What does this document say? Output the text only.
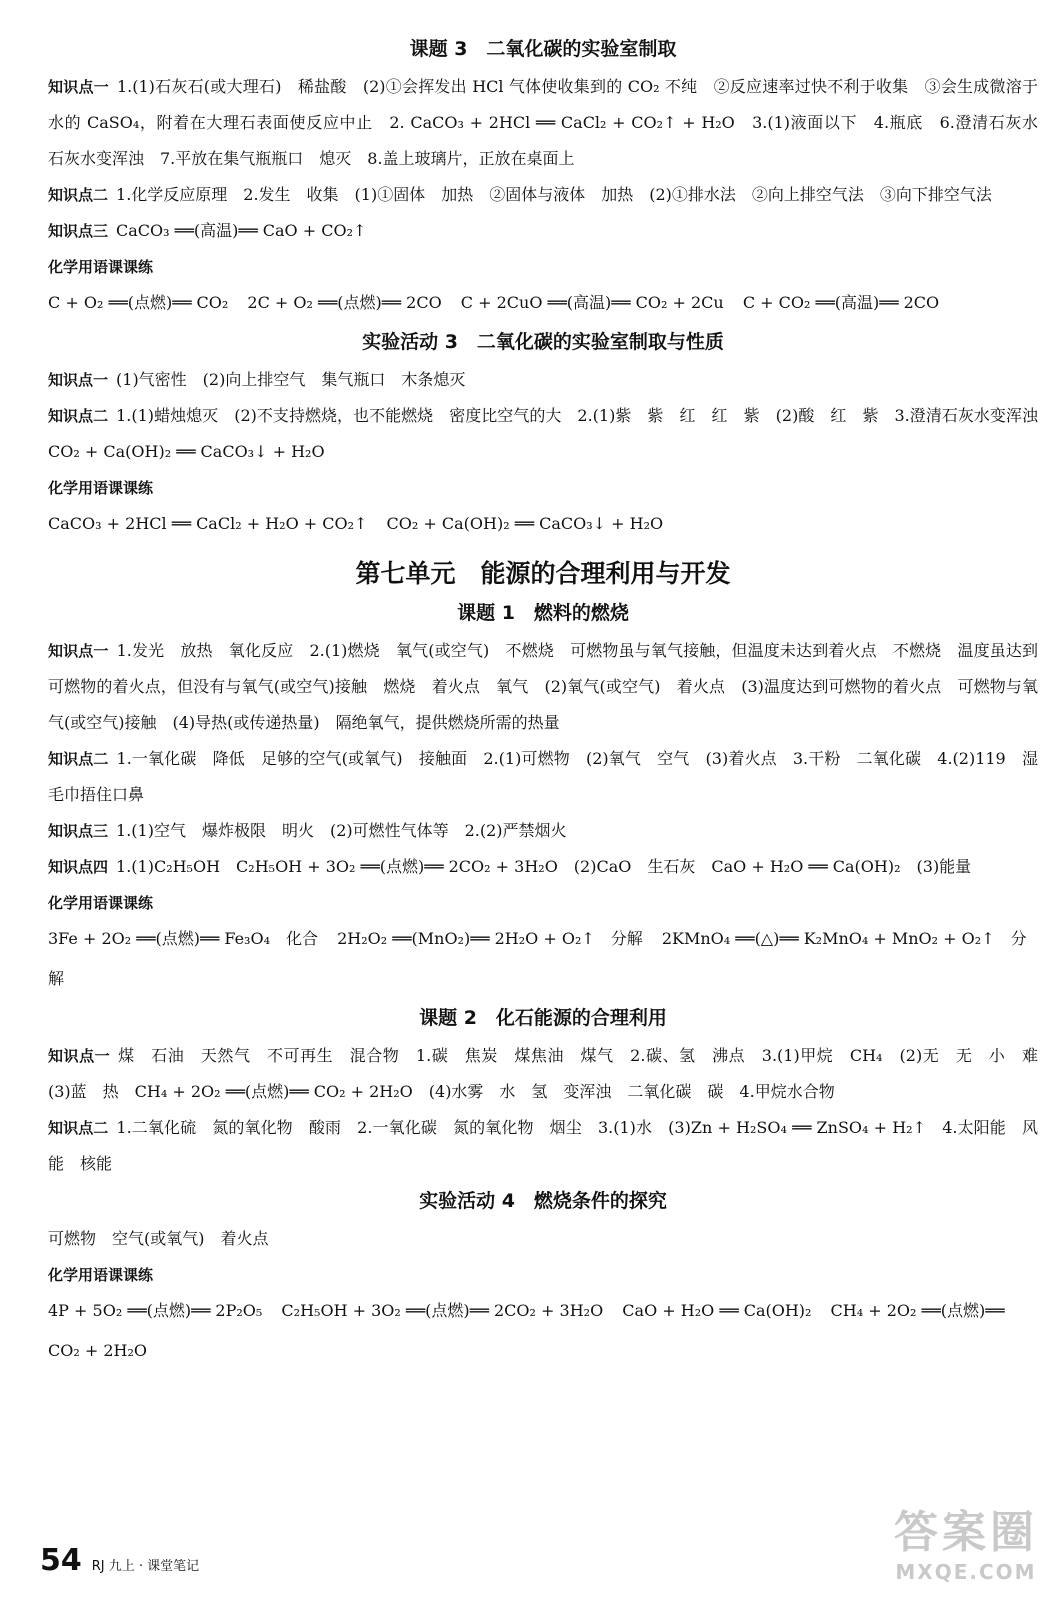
课题 3　二氧化碳的实验室制取

知识点一 1.(1)石灰石(或大理石)　稀盐酸　(2)①会挥发出 HCl 气体使收集到的 CO₂ 不纯　②反应速率过快不利于收集　③会生成微溶于水的 CaSO₄，附着在大理石表面使反应中止　2. CaCO₃ + 2HCl ══ CaCl₂ + CO₂↑ + H₂O　3.(1)液面以下　4.瓶底　6.澄清石灰水　石灰水变浑浊　7.平放在集气瓶瓶口　熄灭　8.盖上玻璃片，正放在桌面上

知识点二 1.化学反应原理　2.发生　收集　(1)①固体　加热　②固体与液体　加热　(2)①排水法　②向上排空气法　③向下排空气法

知识点三 CaCO₃ ══(高温)══ CaO + CO₂↑

化学用语课课练

C + O₂ ══(点燃)══ CO₂ 2C + O₂ ══(点燃)══ 2CO C + 2CuO ══(高温)══ CO₂ + 2Cu C + CO₂ ══(高温)══ 2CO

实验活动 3　二氧化碳的实验室制取与性质

知识点一 (1)气密性　(2)向上排空气　集气瓶口　木条熄灭

知识点二 1.(1)蜡烛熄灭　(2)不支持燃烧，也不能燃烧　密度比空气的大　2.(1)紫　紫　红　红　紫　(2)酸　红　紫　3.澄清石灰水变浑浊　CO₂ + Ca(OH)₂ ══ CaCO₃↓ + H₂O

化学用语课课练

CaCO₃ + 2HCl ══ CaCl₂ + H₂O + CO₂↑ CO₂ + Ca(OH)₂ ══ CaCO₃↓ + H₂O

第七单元　能源的合理利用与开发
课题 1　燃料的燃烧

知识点一 1.发光　放热　氧化反应　2.(1)燃烧　氧气(或空气)　不燃烧　可燃物虽与氧气接触，但温度未达到着火点　不燃烧　温度虽达到可燃物的着火点，但没有与氧气(或空气)接触　燃烧　着火点　氧气　(2)氧气(或空气)　着火点　(3)温度达到可燃物的着火点　可燃物与氧气(或空气)接触　(4)导热(或传递热量)　隔绝氧气，提供燃烧所需的热量

知识点二 1.一氧化碳　降低　足够的空气(或氧气)　接触面　2.(1)可燃物　(2)氧气　空气　(3)着火点　3.干粉　二氧化碳　4.(2)119　湿毛巾捂住口鼻

知识点三 1.(1)空气　爆炸极限　明火　(2)可燃性气体等　2.(2)严禁烟火

知识点四 1.(1)C₂H₅OH　C₂H₅OH + 3O₂ ══(点燃)══ 2CO₂ + 3H₂O　(2)CaO　生石灰　CaO + H₂O ══ Ca(OH)₂　(3)能量

化学用语课课练

3Fe + 2O₂ ══(点燃)══ Fe₃O₄　化合 2H₂O₂ ══(MnO₂)══ 2H₂O + O₂↑　分解 2KMnO₄ ══(△)══ K₂MnO₄ + MnO₂ + O₂↑　分解

课题 2　化石能源的合理利用

知识点一 煤　石油　天然气　不可再生　混合物　1.碳　焦炭　煤焦油　煤气　2.碳、氢　沸点　3.(1)甲烷　CH₄　(2)无　无　小　难　(3)蓝　热　CH₄ + 2O₂ ══(点燃)══ CO₂ + 2H₂O　(4)水雾　水　氢　变浑浊　二氧化碳　碳　4.甲烷水合物

知识点二 1.二氧化硫　氮的氧化物　酸雨　2.一氧化碳　氮的氧化物　烟尘　3.(1)水　(3)Zn + H₂SO₄ ══ ZnSO₄ + H₂↑　4.太阳能　风能　核能

实验活动 4　燃烧条件的探究

可燃物　空气(或氧气)　着火点

化学用语课课练

4P + 5O₂ ══(点燃)══ 2P₂O₅ C₂H₅OH + 3O₂ ══(点燃)══ 2CO₂ + 3H₂O CaO + H₂O ══ Ca(OH)₂ CH₄ + 2O₂ ══(点燃)══ CO₂ + 2H₂O

54 RJ 九上 · 课堂笔记
答案圈
MXQE.COM
